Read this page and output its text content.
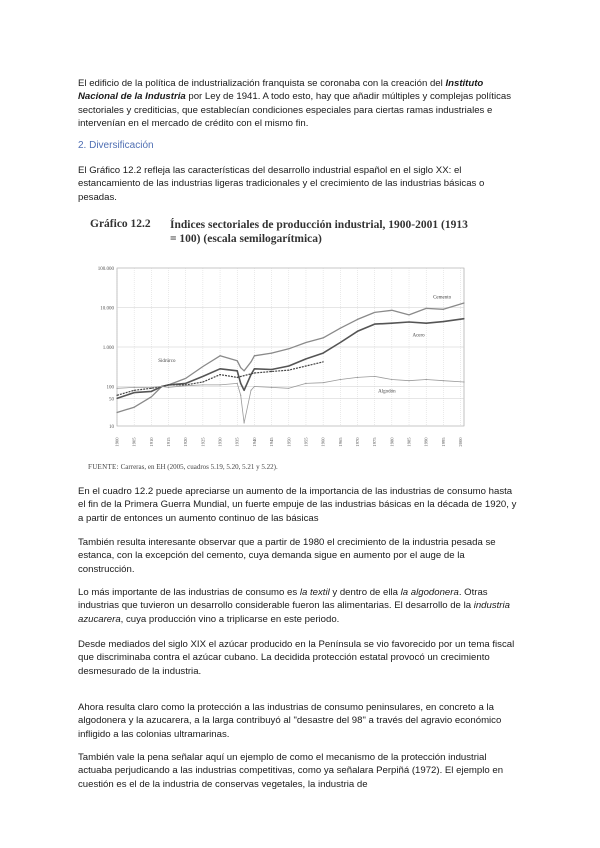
El edificio de la política de industrialización franquista se coronaba con la creación del Instituto Nacional de la Industria por Ley de 1941. A todo esto, hay que añadir múltiples y complejas políticas sectoriales y crediticias, que establecían condiciones especiales para ciertas ramas industriales e intervenían en el mercado de crédito con el mismo fin.

2. Diversificación

El Gráfico 12.2 refleja las características del desarrollo industrial español en el siglo XX: el estancamiento de las industrias ligeras tradicionales y el crecimiento de las industrias básicas o pesadas.

Gráfico 12.2 Índices sectoriales de producción industrial, 1900-2001 (1913 = 100) (escala semilogarítmica)
100.000
10.000
1.000
100
50
10
1900	1905	1910	1915	1920	1925	1930	1935	1940	1945	1950	1955	1960	1965	1970	1975	1980	1985	1990	1995	2000
Cemento
Acero
Sidrúrco
Algodón
FUENTE: Carreras, en EH (2005, cuadros 5.19, 5.20, 5.21 y 5.22).

En el cuadro 12.2 puede apreciarse un aumento de la importancia de las industrias de consumo hasta el fin de la Primera Guerra Mundial, un fuerte empuje de las industrias básicas en la década de 1920, y a partir de entonces un aumento continuo de las básicas

También resulta interesante observar que a partir de 1980 el crecimiento de la industria pesada se estanca, con la excepción del cemento, cuya demanda sigue en aumento por el auge de la construcción.

Lo más importante de las industrias de consumo es la textil y dentro de ella la algodonera. Otras industrias que tuvieron un desarrollo considerable fueron las alimentarias. El desarrollo de la industria azucarera, cuya producción vino a triplicarse en este periodo.

Desde mediados del siglo XIX el azúcar producido en la Península se vio favorecido por un tema fiscal que discriminaba contra el azúcar cubano. La decidida protección estatal provocó un crecimiento desmesurado de la industria.

Ahora resulta claro como la protección a las industrias de consumo peninsulares, en concreto a la algodonera y la azucarera, a la larga contribuyó al "desastre del 98" a través del agravio económico infligido a las colonias ultramarinas.

También vale la pena señalar aquí un ejemplo de como el mecanismo de la protección industrial actuaba perjudicando a las industrias competitivas, como ya señalara Perpiñá (1972). El ejemplo en cuestión es el de la industria de conservas vegetales, la industria de
